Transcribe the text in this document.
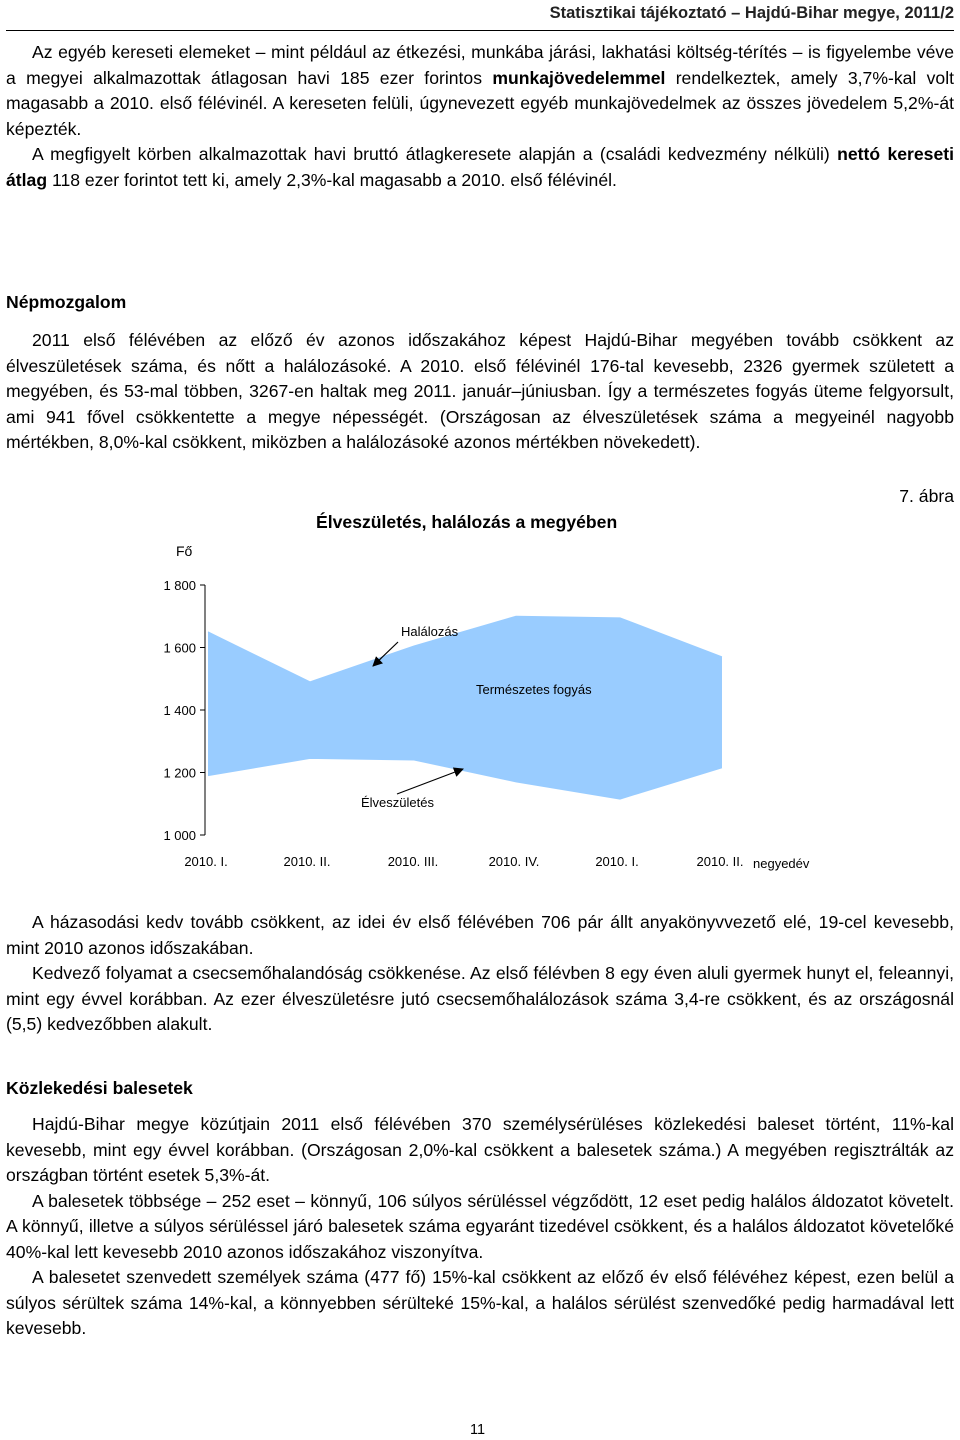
Statisztikai tájékoztató – Hajdú-Bihar megye, 2011/2

Az egyéb kereseti elemeket – mint például az étkezési, munkába járási, lakhatási költség-térítés – is figyelembe véve a megyei alkalmazottak átlagosan havi 185 ezer forintos munkajövedelemmel rendelkeztek, amely 3,7%-kal volt magasabb a 2010. első félévinél. A kereseten felüli, úgynevezett egyéb munkajövedelmek az összes jövedelem 5,2%-át képezték.

A megfigyelt körben alkalmazottak havi bruttó átlagkeresete alapján a (családi kedvezmény nélküli) nettó kereseti átlag 118 ezer forintot tett ki, amely 2,3%-kal magasabb a 2010. első félévinél.

Népmozgalom

2011 első félévében az előző év azonos időszakához képest Hajdú-Bihar megyében tovább csökkent az élveszületések száma, és nőtt a halálozásoké. A 2010. első félévinél 176-tal kevesebb, 2326 gyermek született a megyében, és 53-mal többen, 3267-en haltak meg 2011. január–júniusban. Így a természetes fogyás üteme felgyorsult, ami 941 fővel csökkentette a megye népességét. (Országosan az élveszületések száma a megyeinél nagyobb mértékben, 8,0%-kal csökkent, miközben a halálozásoké azonos mértékben növekedett).

7. ábra
Élveszületés, halálozás a megyében
Fő
1 000
1 200
1 400
1 600
1 800
2010. I.	2010. II.	2010. III.	2010. IV.	2010. I.	2010. II. negyedév
Halálozás
Természetes fogyás
Élveszületés

A házasodási kedv tovább csökkent, az idei év első félévében 706 pár állt anyakönyvvezető elé, 19-cel kevesebb, mint 2010 azonos időszakában.

Kedvező folyamat a csecsemőhalandóság csökkenése. Az első félévben 8 egy éven aluli gyermek hunyt el, feleannyi, mint egy évvel korábban. Az ezer élveszületésre jutó csecsemőhalálozások száma 3,4-re csökkent, és az országosnál (5,5) kedvezőbben alakult.

Közlekedési balesetek

Hajdú-Bihar megye közútjain 2011 első félévében 370 személysérüléses közlekedési baleset történt, 11%-kal kevesebb, mint egy évvel korábban. (Országosan 2,0%-kal csökkent a balesetek száma.) A megyében regisztrálták az országban történt esetek 5,3%-át.

A balesetek többsége – 252 eset – könnyű, 106 súlyos sérüléssel végződött, 12 eset pedig halálos áldozatot követelt. A könnyű, illetve a súlyos sérüléssel járó balesetek száma egyaránt tizedével csökkent, és a halálos áldozatot követelőké 40%-kal lett kevesebb 2010 azonos időszakához viszonyítva.

A balesetet szenvedett személyek száma (477 fő) 15%-kal csökkent az előző év első félévéhez képest, ezen belül a súlyos sérültek száma 14%-kal, a könnyebben sérülteké 15%-kal, a halálos sérülést szenvedőké pedig harmadával lett kevesebb.

11
